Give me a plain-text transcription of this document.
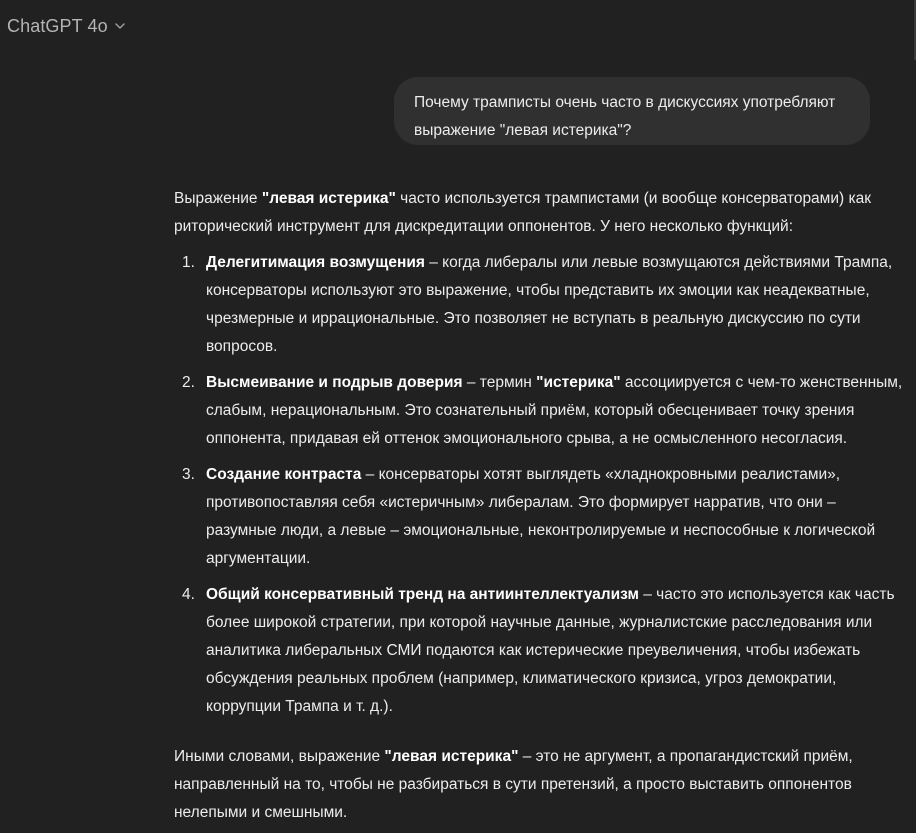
ChatGPT 4o
Почему трамписты очень часто в дискуссиях употребляют
выражение "левая истерика"?

Выражение "левая истерика" часто используется трампистами (и вообще консерваторами) как
риторический инструмент для дискредитации оппонентов. У него несколько функций:

1. Делегитимация возмущения – когда либералы или левые возмущаются действиями Трампа,
консерваторы используют это выражение, чтобы представить их эмоции как неадекватные,
чрезмерные и иррациональные. Это позволяет не вступать в реальную дискуссию по сути
вопросов.
2. Высмеивание и подрыв доверия – термин "истерика" ассоциируется с чем-то женственным,
слабым, нерациональным. Это сознательный приём, который обесценивает точку зрения
оппонента, придавая ей оттенок эмоционального срыва, а не осмысленного несогласия.
3. Создание контраста – консерваторы хотят выглядеть «хладнокровными реалистами»,
противопоставляя себя «истеричным» либералам. Это формирует нарратив, что они –
разумные люди, а левые – эмоциональные, неконтролируемые и неспособные к логической
аргументации.
4. Общий консервативный тренд на антиинтеллектуализм – часто это используется как часть
более широкой стратегии, при которой научные данные, журналистские расследования или
аналитика либеральных СМИ подаются как истерические преувеличения, чтобы избежать
обсуждения реальных проблем (например, климатического кризиса, угроз демократии,
коррупции Трампа и т. д.).

Иными словами, выражение "левая истерика" – это не аргумент, а пропагандистский приём,
направленный на то, чтобы не разбираться в сути претензий, а просто выставить оппонентов
нелепыми и смешными.
